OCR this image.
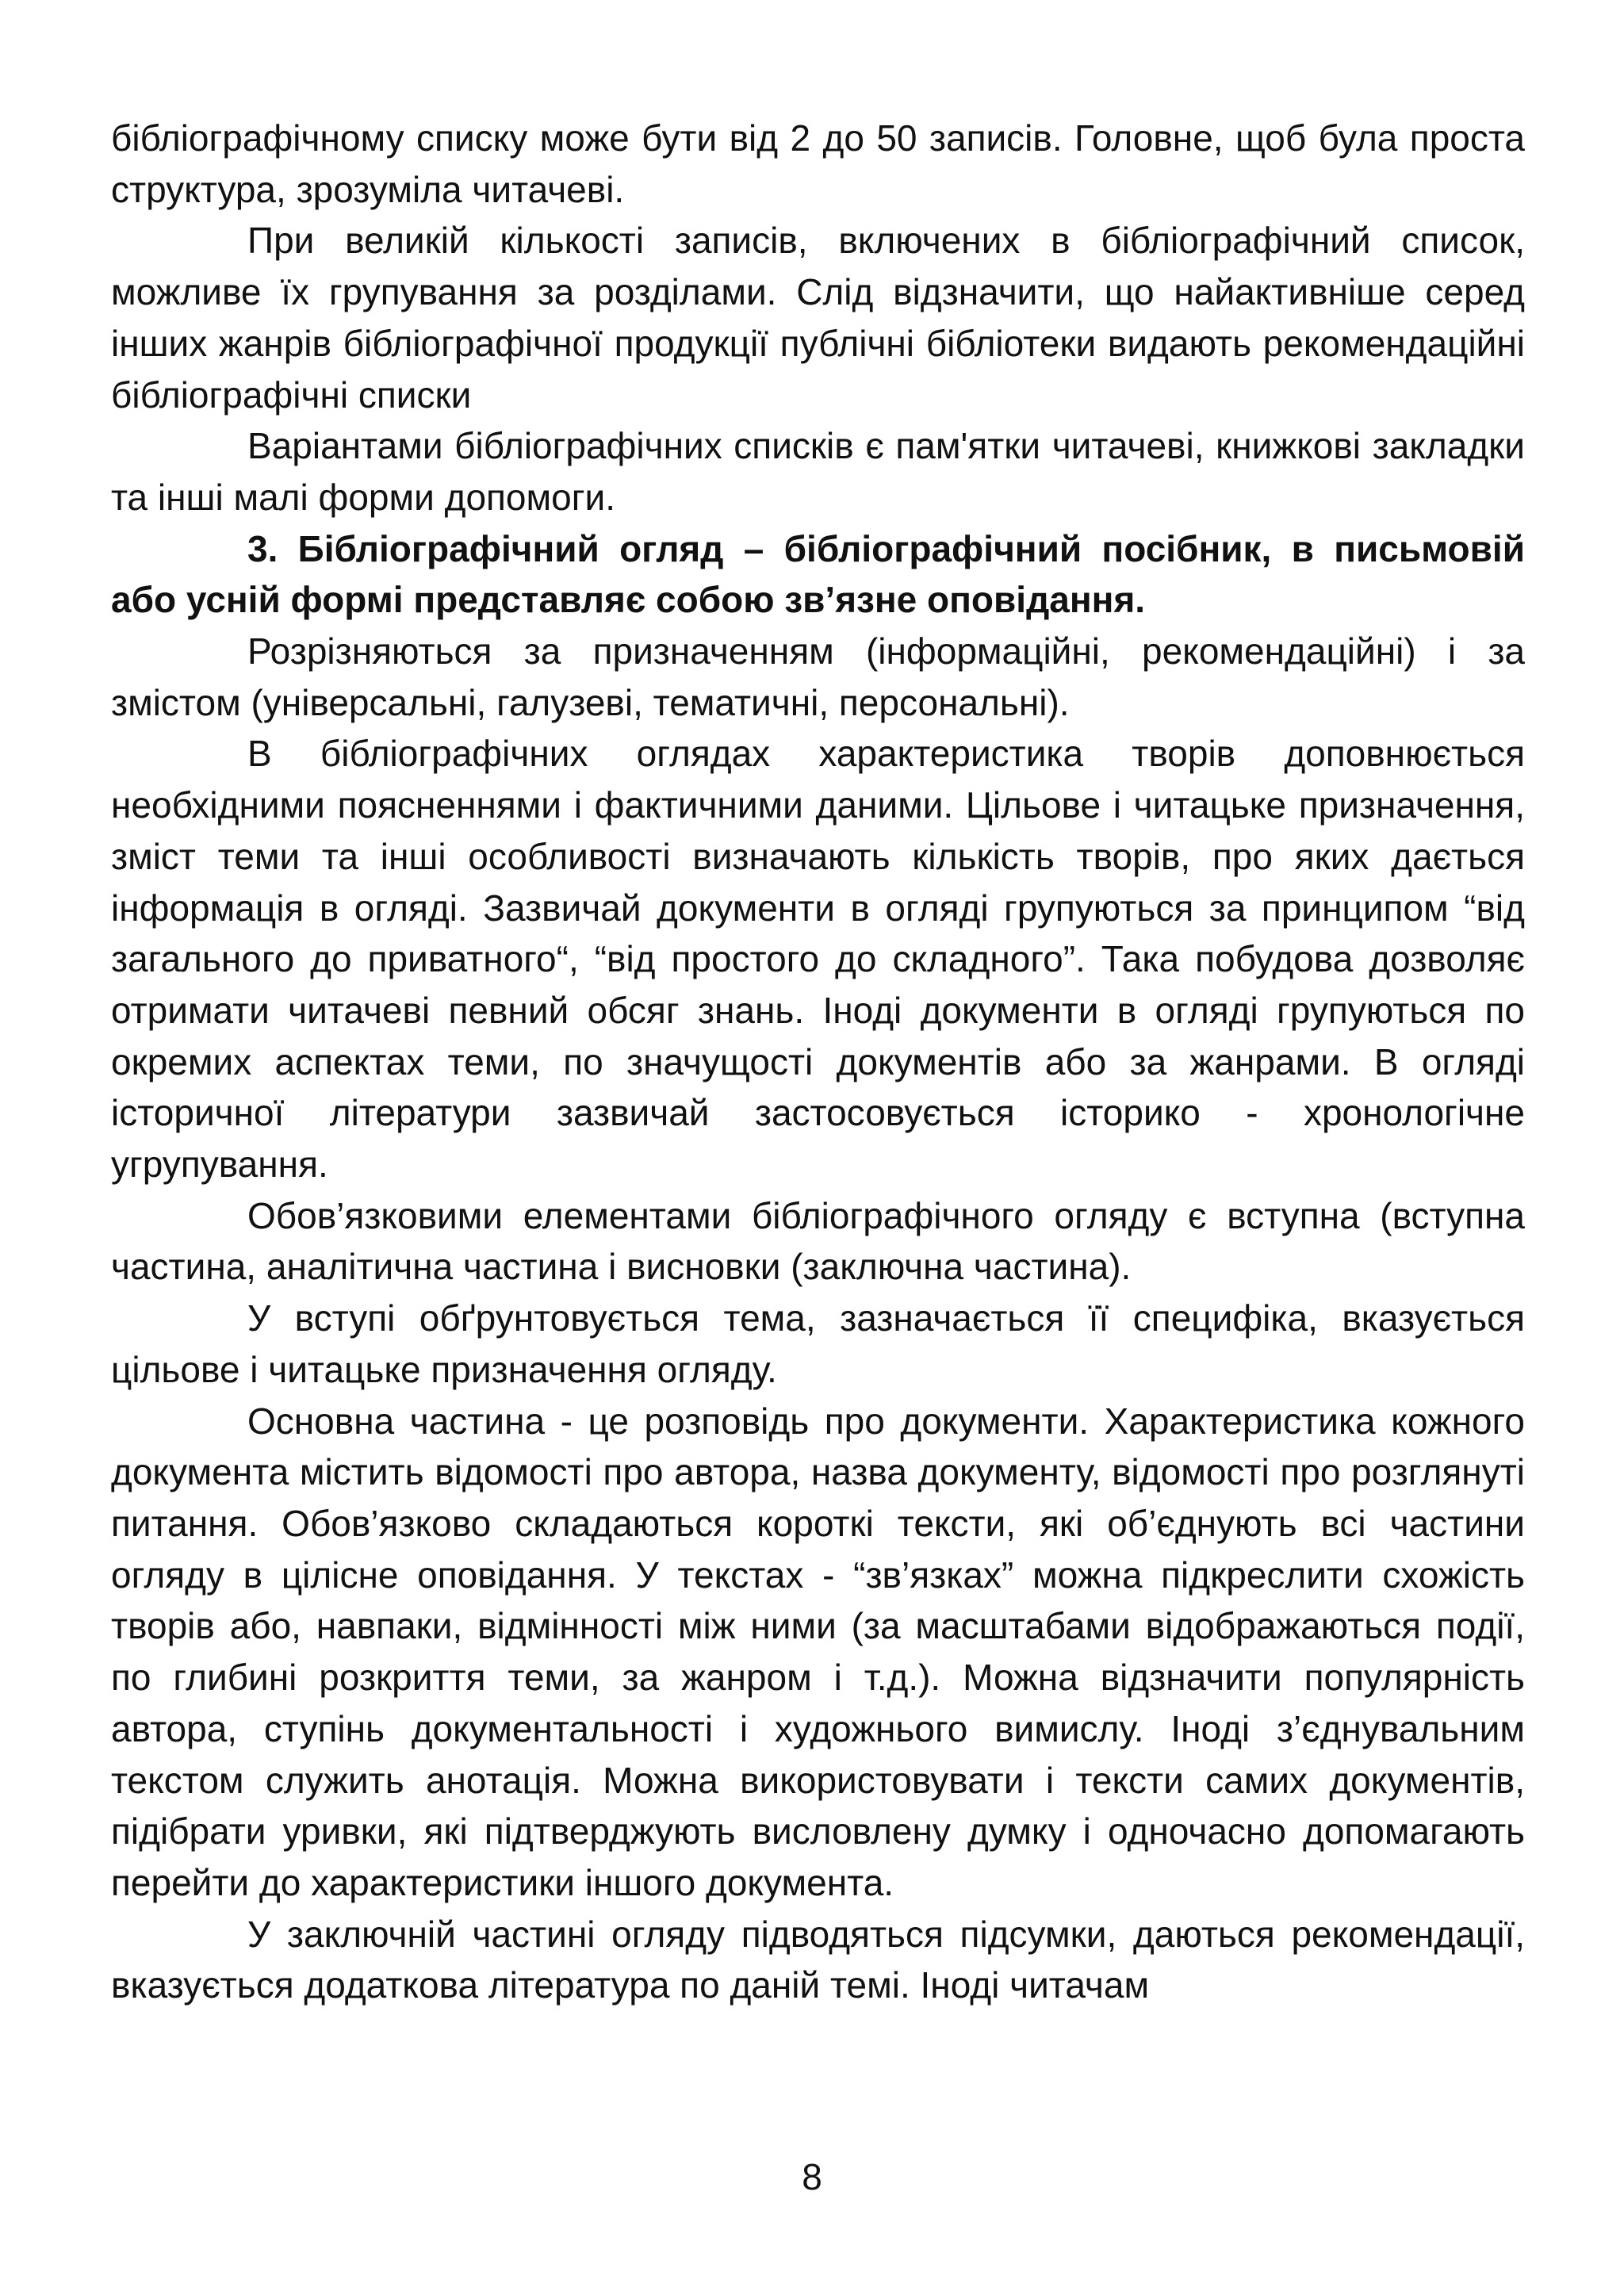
бібліографічному списку може бути від 2 до 50 записів. Головне, щоб була проста структура, зрозуміла читачеві.

При великій кількості записів, включених в бібліографічний список, можливе їх групування за розділами. Слід відзначити, що найактивніше серед інших жанрів бібліографічної продукції публічні бібліотеки видають рекомендаційні бібліографічні списки

Варіантами бібліографічних списків є пам'ятки читачеві, книжкові закладки та інші малі форми допомоги.

3. Бібліографічний огляд – бібліографічний посібник, в письмовій або усній формі представляє собою зв’язне оповідання.

Розрізняються за призначенням (інформаційні, рекомендаційні) і за змістом (універсальні, галузеві, тематичні, персональні).

В бібліографічних оглядах характеристика творів доповнюється необхідними поясненнями і фактичними даними. Цільове і читацьке призначення, зміст теми та інші особливості визначають кількість творів, про яких дається інформація в огляді. Зазвичай документи в огляді групуються за принципом “від загального до приватного“, “від простого до складного”. Така побудова дозволяє отримати читачеві певний обсяг знань. Іноді документи в огляді групуються по окремих аспектах теми, по значущості документів або за жанрами. В огляді історичної літератури зазвичай застосовується історико - хронологічне угрупування.

Обов’язковими елементами бібліографічного огляду є вступна (вступна частина, аналітична частина і висновки (заключна частина).

У вступі обґрунтовується тема, зазначається її специфіка, вказується цільове і читацьке призначення огляду.

Основна частина - це розповідь про документи. Характеристика кожного документа містить відомості про автора, назва документу, відомості про розглянуті питання. Обов’язково складаються короткі тексти, які об’єднують всі частини огляду в цілісне оповідання. У текстах - “зв’язках” можна підкреслити схожість творів або, навпаки, відмінності між ними (за масштабами відображаються події, по глибині розкриття теми, за жанром і т.д.). Можна відзначити популярність автора, ступінь документальності і художнього вимислу. Іноді з’єднувальним текстом служить анотація. Можна використовувати і тексти самих документів, підібрати уривки, які підтверджують висловлену думку і одночасно допомагають перейти до характеристики іншого документа.

У заключній частині огляду підводяться підсумки, даються рекомендації, вказується додаткова література по даній темі. Іноді читачам

8
